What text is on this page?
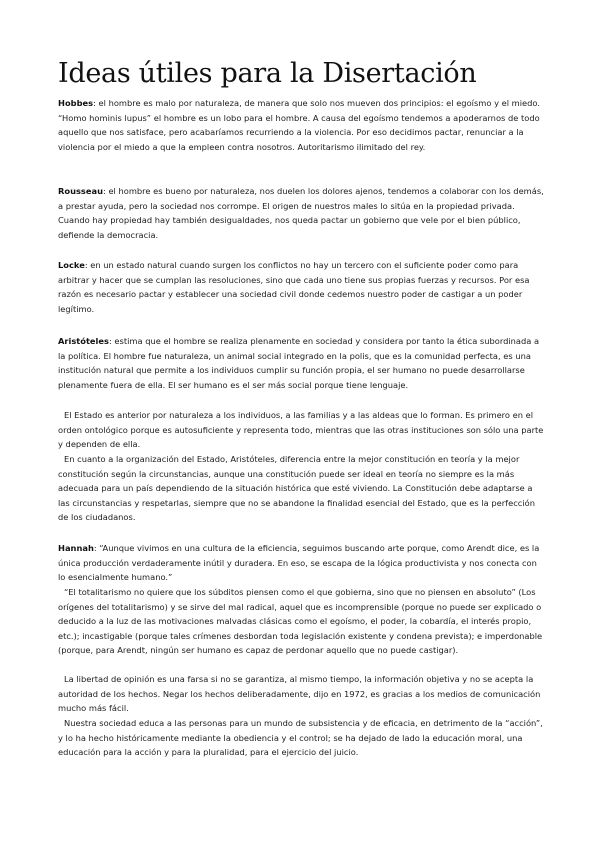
Ideas útiles para la Disertación

Hobbes: el hombre es malo por naturaleza, de manera que solo nos mueven dos principios: el egoísmo y el miedo. “Homo hominis lupus” el hombre es un lobo para el hombre. A causa del egoísmo tendemos a apoderarnos de todo aquello que nos satisface, pero acabaríamos recurriendo a la violencia. Por eso decidimos pactar, renunciar a la violencia por el miedo a que la empleen contra nosotros. Autoritarismo ilimitado del rey.

Rousseau: el hombre es bueno por naturaleza, nos duelen los dolores ajenos, tendemos a colaborar con los demás, a prestar ayuda, pero la sociedad nos corrompe. El origen de nuestros males lo sitúa en la propiedad privada. Cuando hay propiedad hay también desigualdades, nos queda pactar un gobierno que vele por el bien público, defiende la democracia.

Locke: en un estado natural cuando surgen los conflictos no hay un tercero con el suficiente poder como para arbitrar y hacer que se cumplan las resoluciones, sino que cada uno tiene sus propias fuerzas y recursos. Por esa razón es necesario pactar y establecer una sociedad civil donde cedemos nuestro poder de castigar a un poder legítimo.

Aristóteles: estima que el hombre se realiza plenamente en sociedad y considera por tanto la ética subordinada a la política. El hombre fue naturaleza, un animal social integrado en la polis, que es la comunidad perfecta, es una institución natural que permite a los individuos cumplir su función propia, el ser humano no puede desarrollarse plenamente fuera de ella. El ser humano es el ser más social porque tiene lenguaje.

El Estado es anterior por naturaleza a los individuos, a las familias y a las aldeas que lo forman. Es primero en el orden ontológico porque es autosuficiente y representa todo, mientras que las otras instituciones son sólo una parte y dependen de ella.

En cuanto a la organización del Estado, Aristóteles, diferencia entre la mejor constitución en teoría y la mejor constitución según la circunstancias, aunque una constitución puede ser ideal en teoría no siempre es la más adecuada para un país dependiendo de la situación histórica que esté viviendo. La Constitución debe adaptarse a las circunstancias y respetarlas, siempre que no se abandone la finalidad esencial del Estado, que es la perfección de los ciudadanos.

Hannah: “Aunque vivimos en una cultura de la eficiencia, seguimos buscando arte porque, como Arendt dice, es la única producción verdaderamente inútil y duradera. En eso, se escapa de la lógica productivista y nos conecta con lo esencialmente humano.”

“El totalitarismo no quiere que los súbditos piensen como el que gobierna, sino que no piensen en absoluto” (Los orígenes del totalitarismo) y se sirve del mal radical, aquel que es incomprensible (porque no puede ser explicado o deducido a la luz de las motivaciones malvadas clásicas como el egoísmo, el poder, la cobardía, el interés propio, etc.); incastigable (porque tales crímenes desbordan toda legislación existente y condena prevista); e imperdonable (porque, para Arendt, ningún ser humano es capaz de perdonar aquello que no puede castigar).

La libertad de opinión es una farsa si no se garantiza, al mismo tiempo, la información objetiva y no se acepta la autoridad de los hechos. Negar los hechos deliberadamente, dijo en 1972, es gracias a los medios de comunicación mucho más fácil.

Nuestra sociedad educa a las personas para un mundo de subsistencia y de eficacia, en detrimento de la “acción”, y lo ha hecho históricamente mediante la obediencia y el control; se ha dejado de lado la educación moral, una educación para la acción y para la pluralidad, para el ejercicio del juicio.
